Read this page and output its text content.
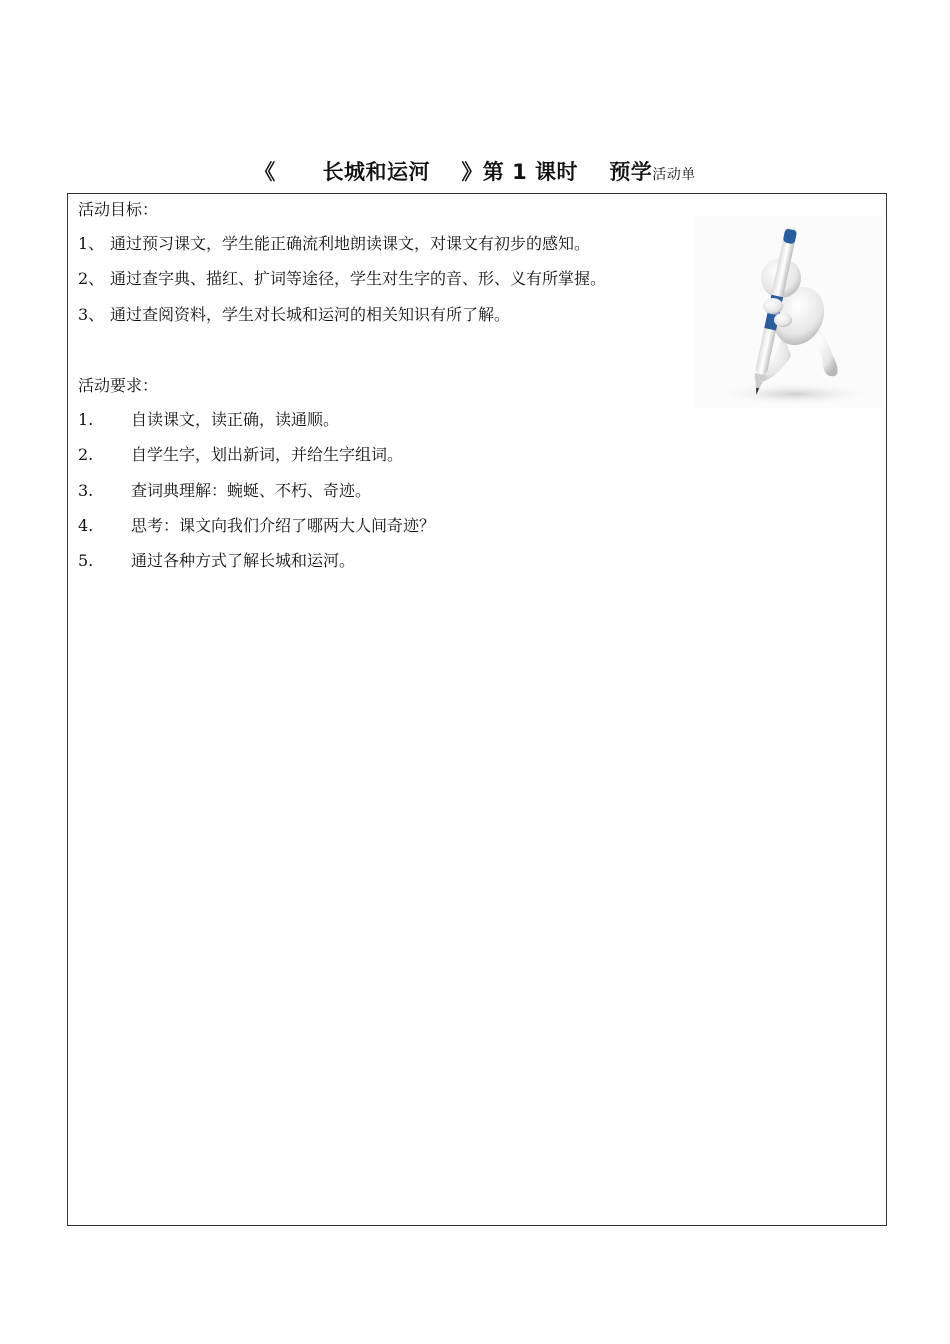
《 长城和运河 》第 1 课时 预学活动单
活动目标：
1、 通过预习课文，学生能正确流利地朗读课文，对课文有初步的感知。
2、 通过查字典、描红、扩词等途径，学生对生字的音、形、义有所掌握。
3、 通过查阅资料，学生对长城和运河的相关知识有所了解。
活动要求：
1. 自读课文，读正确，读通顺。
2. 自学生字，划出新词，并给生字组词。
3. 查词典理解：蜿蜒、不朽、奇迹。
4. 思考：课文向我们介绍了哪两大人间奇迹？
5. 通过各种方式了解长城和运河。
